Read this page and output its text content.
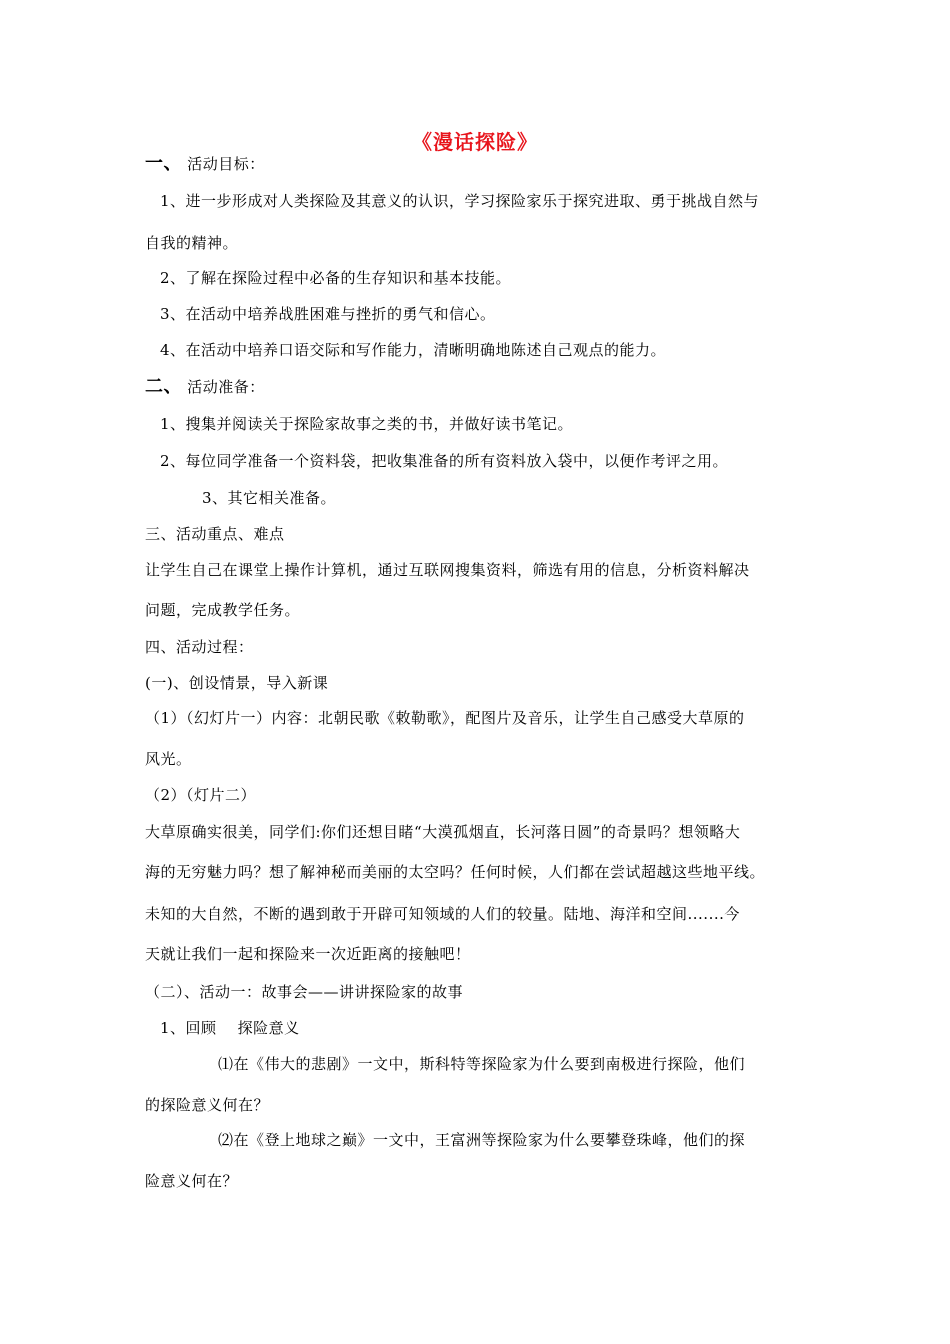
《漫话探险》

一、 活动目标：

1、进一步形成对人类探险及其意义的认识，学习探险家乐于探究进取、勇于挑战自然与

自我的精神。

2、了解在探险过程中必备的生存知识和基本技能。

3、在活动中培养战胜困难与挫折的勇气和信心。

4、在活动中培养口语交际和写作能力，清晰明确地陈述自己观点的能力。

二、 活动准备：

1、搜集并阅读关于探险家故事之类的书，并做好读书笔记。

2、每位同学准备一个资料袋，把收集准备的所有资料放入袋中，以便作考评之用。

3、其它相关准备。

三、活动重点、难点

让学生自己在课堂上操作计算机，通过互联网搜集资料，筛选有用的信息，分析资料解决

问题，完成教学任务。

四、活动过程：

(一)、创设情景，导入新课

（1）（幻灯片一）内容：北朝民歌《敕勒歌》，配图片及音乐，让学生自己感受大草原的

风光。

（2）（灯片二）

大草原确实很美，同学们:你们还想目睹“大漠孤烟直，长河落日圆”的奇景吗？想领略大

海的无穷魅力吗？想了解神秘而美丽的太空吗？任何时候，人们都在尝试超越这些地平线。

未知的大自然，不断的遇到敢于开辟可知领域的人们的较量。陆地、海洋和空间.......今

天就让我们一起和探险来一次近距离的接触吧！

（二）、活动一：故事会——讲讲探险家的故事

1、回顾    探险意义

⑴在《伟大的悲剧》一文中，斯科特等探险家为什么要到南极进行探险，他们

的探险意义何在？

⑵在《登上地球之巅》一文中，王富洲等探险家为什么要攀登珠峰，他们的探

险意义何在？
